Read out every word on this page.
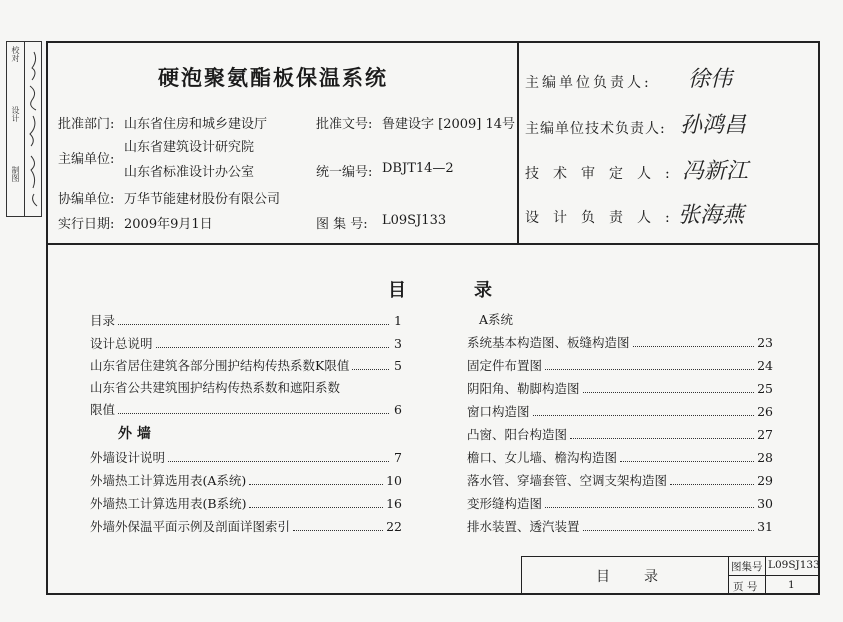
校对
设计
制图
硬泡聚氨酯板保温系统
批准部门: 山东省住房和城乡建设厅	批准文号: 鲁建设字 [2009] 14号
主编单位:
山东省建筑设计研究院
山东省标准设计办公室	统一编号: DBJT14—2
协编单位: 万华节能建材股份有限公司
实行日期: 2009年9月1日	图 集 号: L09SJ133
主编单位负责人: 徐伟
主编单位技术负责人: 孙鸿昌
技术审定人:
冯新江
设计负责人:
张海燕
目	录
目录	1
设计总说明	3
山东省居住建筑各部分围护结构传热系数K限值	5
山东省公共建筑围护结构传热系数和遮阳系数
限值	6
外 墙
外墙设计说明	7
外墙热工计算选用表(A系统)	10
外墙热工计算选用表(B系统)	16
外墙外保温平面示例及剖面详图索引	22
A系统
系统基本构造图、板缝构造图	23
固定件布置图	24
阴阳角、勒脚构造图	25
窗口构造图	26
凸窗、阳台构造图	27
檐口、女儿墙、檐沟构造图	28
落水管、穿墙套管、空调支架构造图	29
变形缝构造图	30
排水装置、透汽装置	31
目 录
图集号 L09SJ133
页 号	1
